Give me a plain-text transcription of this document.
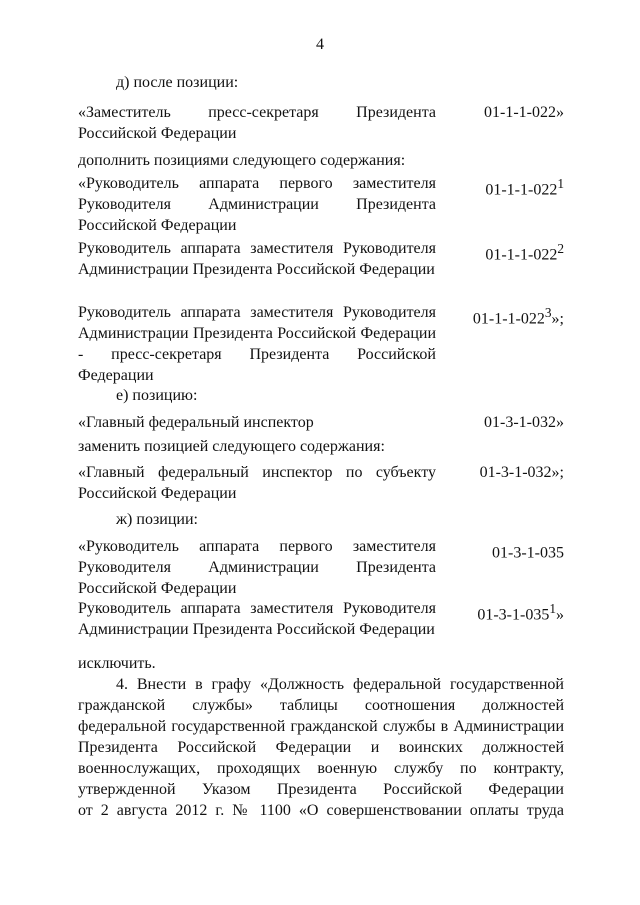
4
д) после позиции:
«Заместитель пресс-секретаря Президента Российской Федерации
01-1-1-022»
дополнить позициями следующего содержания:
«Руководитель аппарата первого заместителя Руководителя Администрации Президента Российской Федерации
$01-1-1-022^1$
Руководитель аппарата заместителя Руководителя Администрации Президента Российской Федерации
$01-1-1-022^2$
Руководитель аппарата заместителя Руководителя Администрации Президента Российской Федерации - пресс-секретаря Президента Российской Федерации
$01-1-1-022^3$»;
е) позицию:
«Главный федеральный инспектор	01-3-1-032»
заменить позицией следующего содержания:
«Главный федеральный инспектор по субъекту Российской Федерации
01-3-1-032»;
ж) позиции:
«Руководитель аппарата первого заместителя Руководителя Администрации Президента Российской Федерации
01-3-1-035
Руководитель аппарата заместителя Руководителя Администрации Президента Российской Федерации
$01-3-1-035^1$»
исключить.
4. Внести в графу «Должность федеральной государственной
гражданской службы» таблицы соотношения должностей
федеральной государственной гражданской службы в Администрации
Президента Российской Федерации и воинских должностей
военнослужащих, проходящих военную службу по контракту,
утвержденной Указом Президента Российской Федерации
от 2 августа 2012 г. № 1100 «О совершенствовании оплаты труда
